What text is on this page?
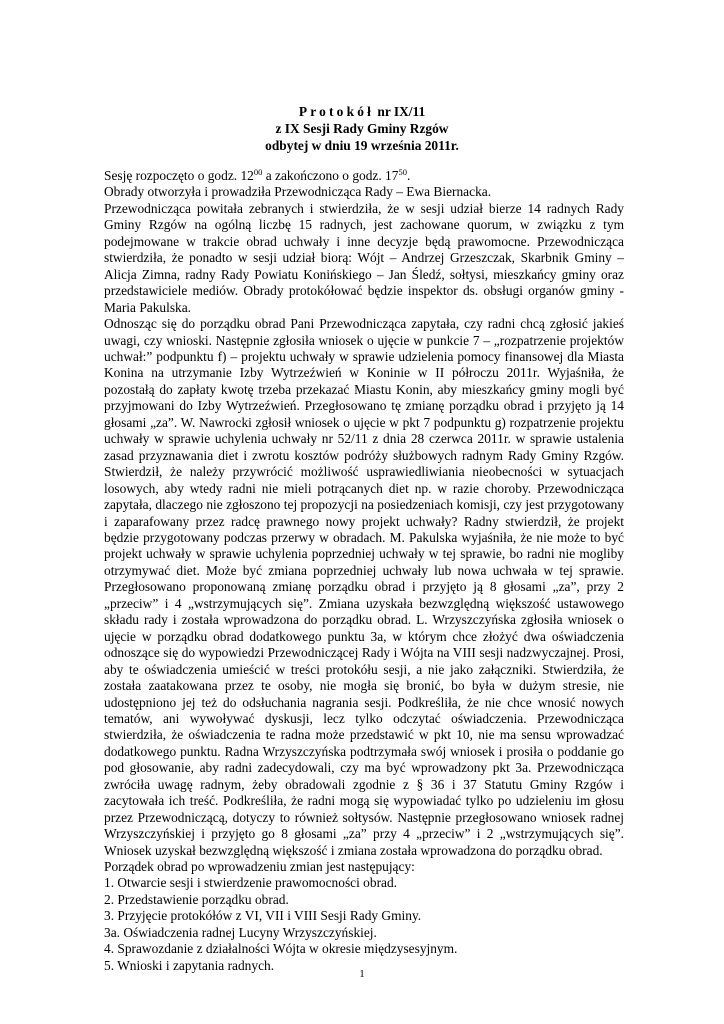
Protokół nr IX/11
z IX Sesji Rady Gminy Rzgów
odbytej w dniu 19 września 2011r.

Sesję rozpoczęto o godz. $12^{00}$ a zakończono o godz. $17^{50}$.

Obrady otworzyła i prowadziła Przewodnicząca Rady – Ewa Biernacka.

Przewodnicząca powitała zebranych i stwierdziła, że w sesji udział bierze 14 radnych Rady Gminy Rzgów na ogólną liczbę 15 radnych, jest zachowane quorum, w związku z tym podejmowane w trakcie obrad uchwały i inne decyzje będą prawomocne. Przewodnicząca stwierdziła, że ponadto w sesji udział biorą: Wójt – Andrzej Grzeszczak, Skarbnik Gminy – Alicja Zimna, radny Rady Powiatu Konińskiego – Jan Śledź, sołtysi, mieszkańcy gminy oraz przedstawiciele mediów. Obrady protokółować będzie inspektor ds. obsługi organów gminy - Maria Pakulska.

Odnosząc się do porządku obrad Pani Przewodnicząca zapytała, czy radni chcą zgłosić jakieś uwagi, czy wnioski. Następnie zgłosiła wniosek o ujęcie w punkcie 7 – „rozpatrzenie projektów uchwał:” podpunktu f) – projektu uchwały w sprawie udzielenia pomocy finansowej dla Miasta Konina na utrzymanie Izby Wytrzeźwień w Koninie w II półroczu 2011r. Wyjaśniła, że pozostałą do zapłaty kwotę trzeba przekazać Miastu Konin, aby mieszkańcy gminy mogli być przyjmowani do Izby Wytrzeźwień. Przegłosowano tę zmianę porządku obrad i przyjęto ją 14 głosami „za”. W. Nawrocki zgłosił wniosek o ujęcie w pkt 7 podpunktu g) rozpatrzenie projektu uchwały w sprawie uchylenia uchwały nr 52/11 z dnia 28 czerwca 2011r. w sprawie ustalenia zasad przyznawania diet i zwrotu kosztów podróży służbowych radnym Rady Gminy Rzgów. Stwierdził, że należy przywrócić możliwość usprawiedliwiania nieobecności w sytuacjach losowych, aby wtedy radni nie mieli potrącanych diet np. w razie choroby. Przewodnicząca zapytała, dlaczego nie zgłoszono tej propozycji na posiedzeniach komisji, czy jest przygotowany i zaparafowany przez radcę prawnego nowy projekt uchwały? Radny stwierdził, że projekt będzie przygotowany podczas przerwy w obradach. M. Pakulska wyjaśniła, że nie może to być projekt uchwały w sprawie uchylenia poprzedniej uchwały w tej sprawie, bo radni nie mogliby otrzymywać diet. Może być zmiana poprzedniej uchwały lub nowa uchwała w tej sprawie. Przegłosowano proponowaną zmianę porządku obrad i przyjęto ją 8 głosami „za”, przy 2 „przeciw” i 4 „wstrzymujących się”. Zmiana uzyskała bezwzględną większość ustawowego składu rady i została wprowadzona do porządku obrad. L. Wrzyszczyńska zgłosiła wniosek o ujęcie w porządku obrad dodatkowego punktu 3a, w którym chce złożyć dwa oświadczenia odnoszące się do wypowiedzi Przewodniczącej Rady i Wójta na VIII sesji nadzwyczajnej. Prosi, aby te oświadczenia umieścić w treści protokółu sesji, a nie jako załączniki. Stwierdziła, że została zaatakowana przez te osoby, nie mogła się bronić, bo była w dużym stresie, nie udostępniono jej też do odsłuchania nagrania sesji. Podkreśliła, że nie chce wnosić nowych tematów, ani wywoływać dyskusji, lecz tylko odczytać oświadczenia. Przewodnicząca stwierdziła, że oświadczenia te radna może przedstawić w pkt 10, nie ma sensu wprowadzać dodatkowego punktu. Radna Wrzyszczyńska podtrzymała swój wniosek i prosiła o poddanie go pod głosowanie, aby radni zadecydowali, czy ma być wprowadzony pkt 3a. Przewodnicząca zwróciła uwagę radnym, żeby obradowali zgodnie z § 36 i 37 Statutu Gminy Rzgów i zacytowała ich treść. Podkreśliła, że radni mogą się wypowiadać tylko po udzieleniu im głosu przez Przewodniczącą, dotyczy to również sołtysów. Następnie przegłosowano wniosek radnej Wrzyszczyńskiej i przyjęto go 8 głosami „za” przy 4 „przeciw” i 2 „wstrzymujących się”. Wniosek uzyskał bezwzględną większość i zmiana została wprowadzona do porządku obrad.

Porządek obrad po wprowadzeniu zmian jest następujący:

1. Otwarcie sesji i stwierdzenie prawomocności obrad.
2. Przedstawienie porządku obrad.
3. Przyjęcie protokółów z VI, VII i VIII Sesji Rady Gminy.
3a. Oświadczenia radnej Lucyny Wrzyszczyńskiej.
4. Sprawozdanie z działalności Wójta w okresie międzysesyjnym.
5. Wnioski i zapytania radnych.
1
